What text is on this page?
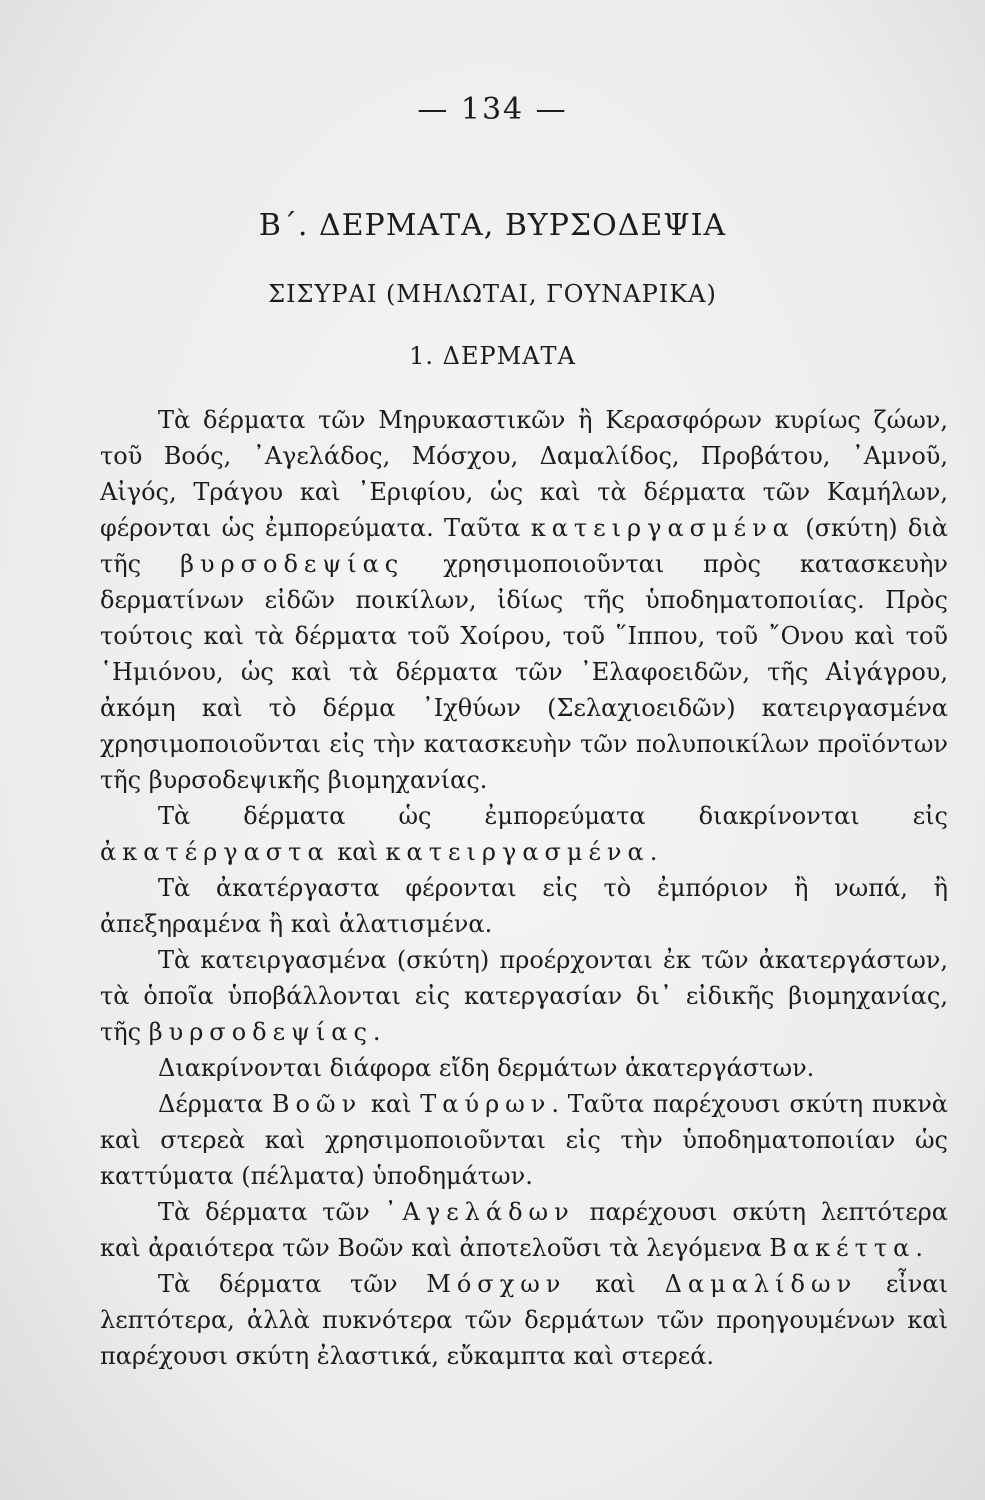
— 134 —
Β΄. ΔΕΡΜΑΤΑ, ΒΥΡΣΟΔΕΨΙΑ
ΣΙΣΥΡΑΙ (ΜΗΛΩΤΑΙ, ΓΟΥΝΑΡΙΚΑ)
1. ΔΕΡΜΑΤΑ

Τὰ δέρματα τῶν Μηρυκαστικῶν ἢ Κερασφόρων κυρίως ζώων, τοῦ Βοός, ᾿Αγελάδος, Μόσχου, Δαμαλίδος, Προβάτου, ᾿Αμνοῦ, Αἰγός, Τράγου καὶ ᾿Εριφίου, ὡς καὶ τὰ δέρματα τῶν Καμήλων, φέρονται ὡς ἐμπορεύματα. Ταῦτα κατειργασμένα (σκύτη) διὰ τῆς βυρσοδεψίας χρησιμοποιοῦνται πρὸς κατασκευὴν δερματίνων εἰδῶν ποικίλων, ἰδίως τῆς ὑποδηματοποιίας. Πρὸς τούτοις καὶ τὰ δέρματα τοῦ Χοίρου, τοῦ ῞Ιππου, τοῦ ῎Ονου καὶ τοῦ ῾Ημιόνου, ὡς καὶ τὰ δέρματα τῶν ᾿Ελαφοειδῶν, τῆς Αἰγάγρου, ἀκόμη καὶ τὸ δέρμα ᾿Ιχθύων (Σελαχιοειδῶν) κατειργασμένα χρησιμοποιοῦνται εἰς τὴν κατασκευὴν τῶν πολυποικίλων προϊόντων τῆς βυρσοδεψικῆς βιομηχανίας.

Τὰ δέρματα ὡς ἐμπορεύματα διακρίνονται εἰς ἀκατέργαστα καὶ κατειργασμένα.

Τὰ ἀκατέργαστα φέρονται εἰς τὸ ἐμπόριον ἢ νωπά, ἢ ἀπεξηραμένα ἢ καὶ ἁλατισμένα.

Τὰ κατειργασμένα (σκύτη) προέρχονται ἐκ τῶν ἀκατεργάστων, τὰ ὁποῖα ὑποβάλλονται εἰς κατεργασίαν δι᾿ εἰδικῆς βιομηχανίας, τῆς βυρσοδεψίας.

Διακρίνονται διάφορα εἴδη δερμάτων ἀκατεργάστων.

Δέρματα Βοῶν καὶ Ταύρων. Ταῦτα παρέχουσι σκύτη πυκνὰ καὶ στερεὰ καὶ χρησιμοποιοῦνται εἰς τὴν ὑποδηματοποιίαν ὡς καττύματα (πέλματα) ὑποδημάτων.

Τὰ δέρματα τῶν ᾿Αγελάδων παρέχουσι σκύτη λεπτότερα καὶ ἀραιότερα τῶν Βοῶν καὶ ἀποτελοῦσι τὰ λεγόμενα Βακέττα.

Τὰ δέρματα τῶν Μόσχων καὶ Δαμαλίδων εἶναι λεπτότερα, ἀλλὰ πυκνότερα τῶν δερμάτων τῶν προηγουμένων καὶ παρέχουσι σκύτη ἐλαστικά, εὔκαμπτα καὶ στερεά.
